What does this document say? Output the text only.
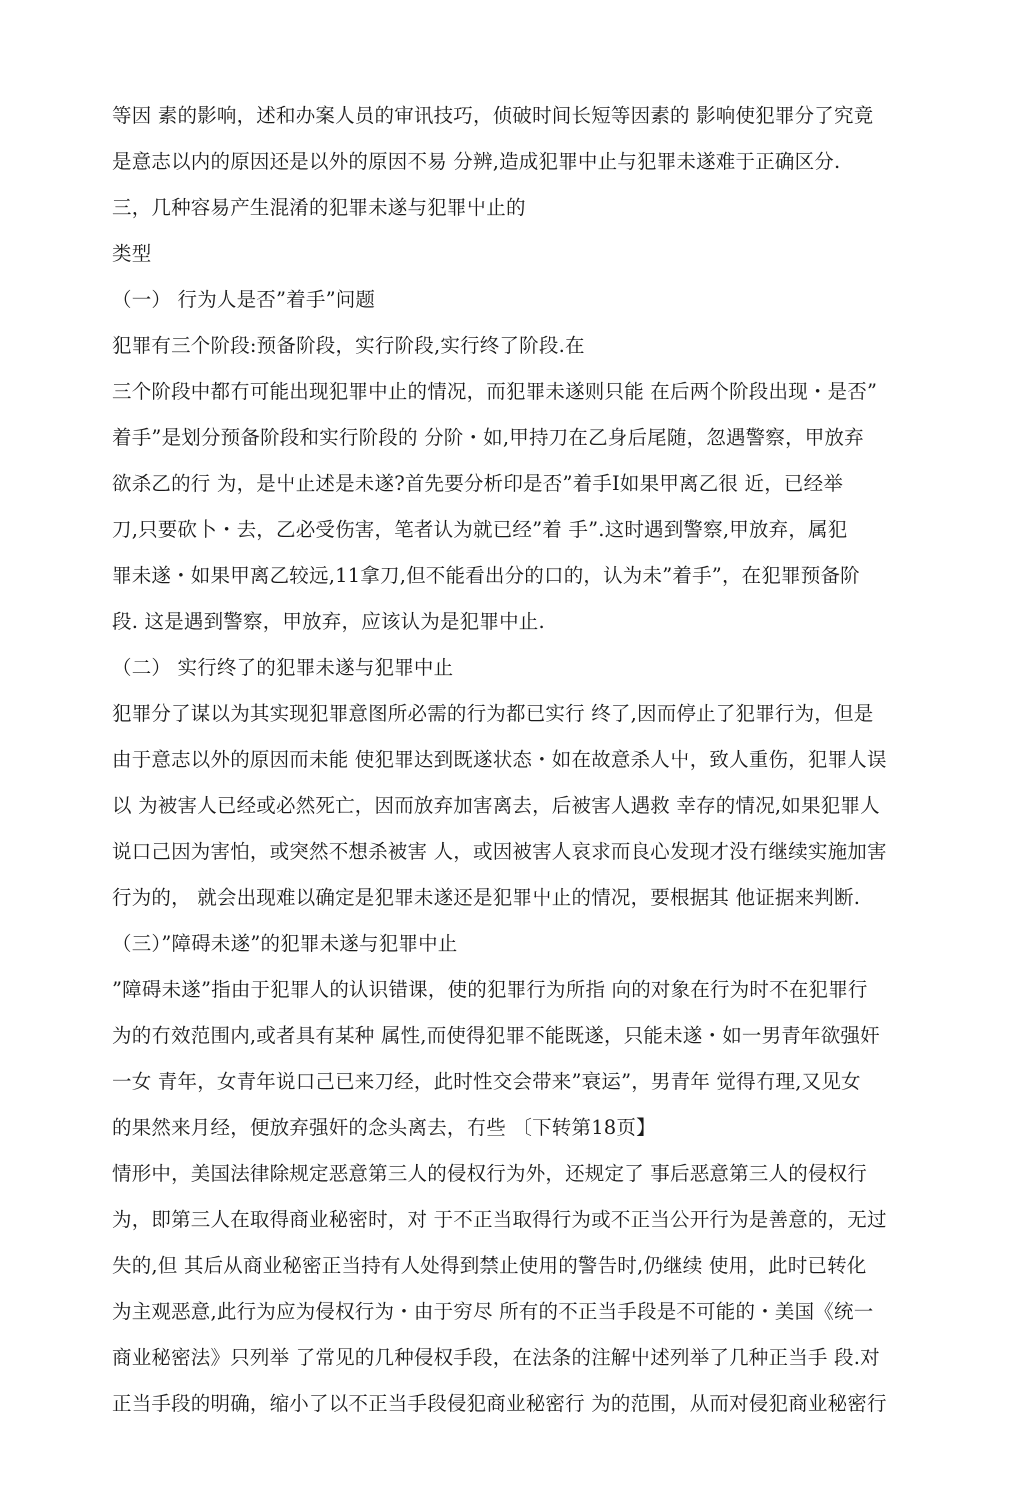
等因 素的影响，述和办案人员的审讯技巧，侦破时间长短等因素的 影响使犯罪分了究竟
是意志以内的原因还是以外的原因不易 分辨,造成犯罪中止与犯罪未遂难于正确区分.
三，几种容易产生混淆的犯罪未遂与犯罪屮止的
类型
（一） 行为人是否”着手”问题
犯罪有三个阶段:预备阶段，实行阶段,实行终了阶段.在
三个阶段中都冇可能出现犯罪中止的情况，而犯罪未遂则只能 在后两个阶段出现・是否”
着手”是划分预备阶段和实行阶段的 分阶・如,甲持刀在乙身后尾随，忽遇警察，甲放弃
欲杀乙的行 为，是屮止述是未遂?首先要分析印是否”着手I如果甲离乙很 近，已经举
刀,只要砍卜・去，乙必受伤害，笔者认为就已经”着 手”.这时遇到警察,甲放弃，属犯
罪未遂・如果甲离乙较远,11拿刀,但不能看出分的口的，认为未”着手”，在犯罪预备阶
段. 这是遇到警察，甲放弃，应该认为是犯罪中止.
（二） 实行终了的犯罪未遂与犯罪中止
犯罪分了谋以为其实现犯罪意图所必需的行为都已实行 终了,因而停止了犯罪行为，但是
由于意志以外的原因而未能 使犯罪达到既遂状态・如在故意杀人屮，致人重伤，犯罪人误
以 为被害人已经或必然死亡，因而放弃加害离去，后被害人遇救 幸存的情况,如果犯罪人
说口己因为害怕，或突然不想杀被害 人，或因被害人哀求而良心发现才没冇继续实施加害
行为的， 就会出现难以确定是犯罪未遂还是犯罪屮止的情况，要根据其 他证据来判断.
（三）”障碍未遂”的犯罪未遂与犯罪中止
”障碍未遂”指由于犯罪人的认识错课，使的犯罪行为所指 向的对象在行为时不在犯罪行
为的冇效范围内,或者具有某种 属性,而使得犯罪不能既遂，只能未遂・如一男青年欲强奸
一女 青年，女青年说口己已来刀经，此时性交会带来”衰运”，男青年 觉得冇理,又见女
的果然来月经，便放弃强奸的念头离去，冇些 〔下转第18页】
情形中，美国法律除规定恶意第三人的侵权行为外，还规定了 事后恶意第三人的侵权行
为，即第三人在取得商业秘密时，对 于不正当取得行为或不正当公开行为是善意的，无过
失的,但 其后从商业秘密正当持有人处得到禁止使用的警告时,仍继续 使用，此时已转化
为主观恶意,此行为应为侵权行为・由于穷尽 所有的不正当手段是不可能的・美国《统一
商业秘密法》只列举 了常见的几种侵权手段，在法条的注解屮述列举了几种正当手 段.对
正当手段的明确，缩小了以不正当手段侵犯商业秘密行 为的范围，从而对侵犯商业秘密行
